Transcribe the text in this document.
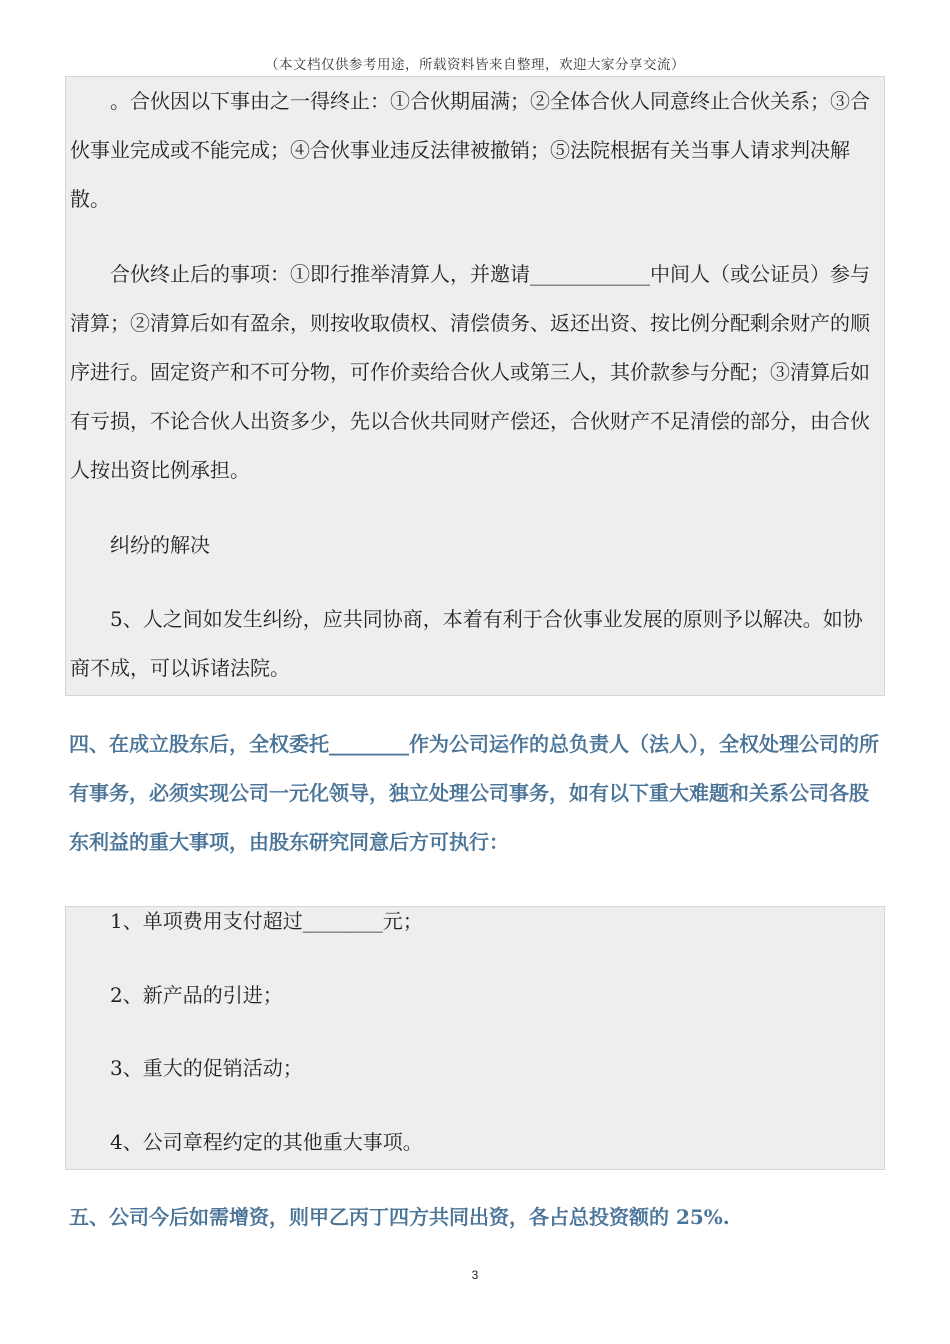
（本文档仅供参考用途，所载资料皆来自整理，欢迎大家分享交流）

。合伙因以下事由之一得终止：①合伙期届满；②全体合伙人同意终止合伙关系；③合伙事业完成或不能完成；④合伙事业违反法律被撤销；⑤法院根据有关当事人请求判决解散。

合伙终止后的事项：①即行推举清算人，并邀请____________中间人（或公证员）参与清算；②清算后如有盈余，则按收取债权、清偿债务、返还出资、按比例分配剩余财产的顺序进行。固定资产和不可分物，可作价卖给合伙人或第三人，其价款参与分配；③清算后如有亏损，不论合伙人出资多少，先以合伙共同财产偿还，合伙财产不足清偿的部分，由合伙人按出资比例承担。

纠纷的解决

5、人之间如发生纠纷，应共同协商，本着有利于合伙事业发展的原则予以解决。如协商不成，可以诉诸法院。

四、在成立股东后，全权委托________作为公司运作的总负责人（法人），全权处理公司的所有事务，必须实现公司一元化领导，独立处理公司事务，如有以下重大难题和关系公司各股东利益的重大事项，由股东研究同意后方可执行：

1、单项费用支付超过________元；

2、新产品的引进；

3、重大的促销活动；

4、公司章程约定的其他重大事项。

五、公司今后如需增资，则甲乙丙丁四方共同出资，各占总投资额的 25%.

3
